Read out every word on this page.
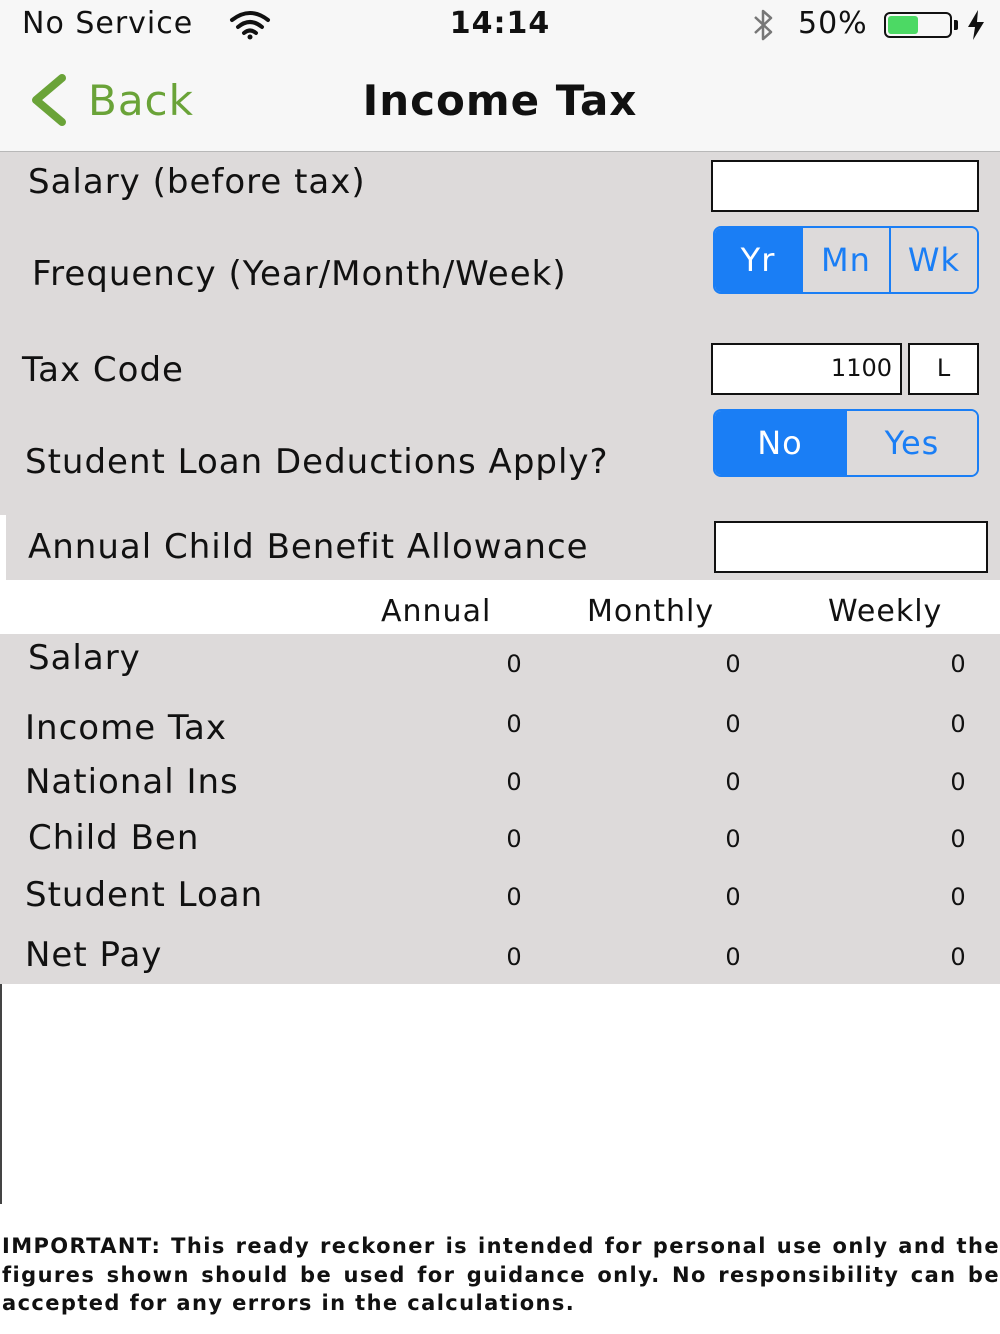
No Service	14:14	50%
Back	Income Tax
Salary (before tax)
Frequency (Year/Month/Week)	Yr	Mn	Wk
Tax Code	1100	L
Student Loan Deductions Apply?	No	Yes
Annual Child Benefit Allowance
Annual	Monthly	Weekly
Salary	0	0	0
Income Tax	0	0	0
National Ins	0	0	0
Child Ben	0	0	0
Student Loan	0	0	0
Net Pay	0	0	0
IMPORTANT: This ready reckoner is intended for personal use only and the figures shown should be used for guidance only. No responsibility can be accepted for any errors in the calculations.
